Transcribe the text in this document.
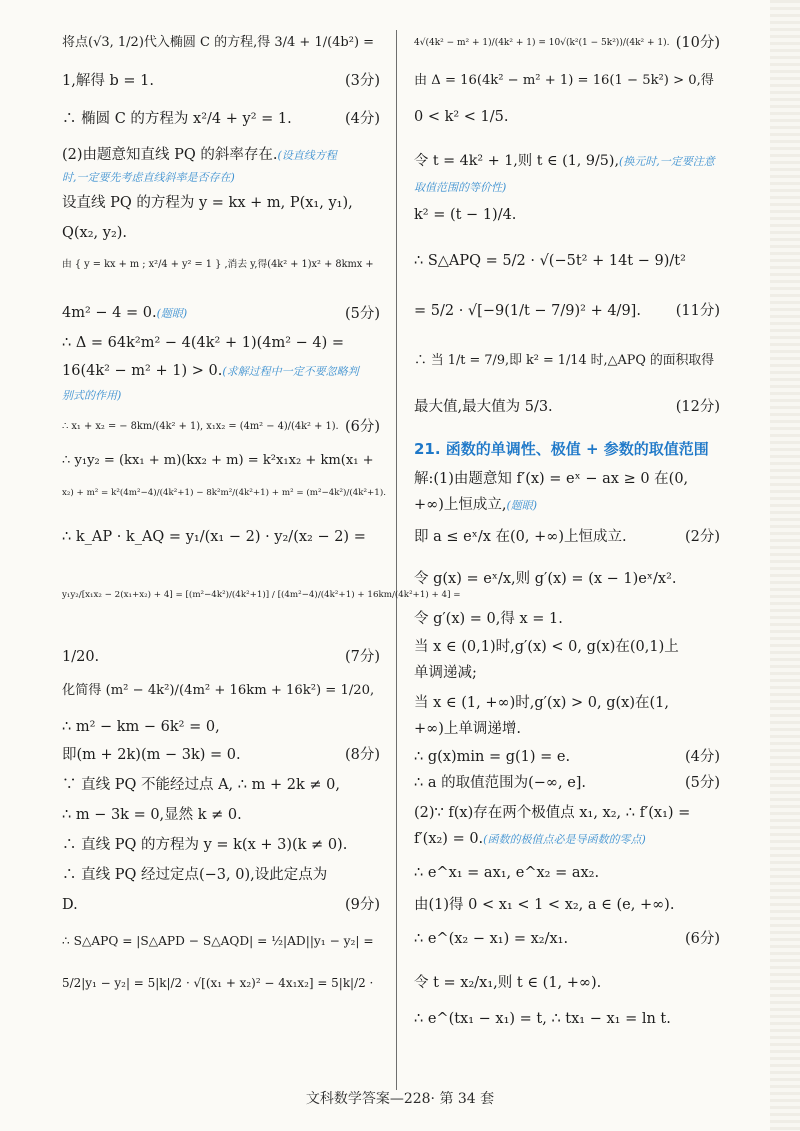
将点(√3, 1/2)代入椭圆 C 的方程,得 3/4 + 1/(4b²) =
1,解得 b = 1.	(3分)
∴ 椭圆 C 的方程为 x²/4 + y² = 1.	(4分)
(2)由题意知直线 PQ 的斜率存在.(设直线方程
时,一定要先考虑直线斜率是否存在)
设直线 PQ 的方程为 y = kx + m, P(x₁, y₁),
Q(x₂, y₂).
由 { y = kx + m ; x²/4 + y² = 1 } ,消去 y,得(4k² + 1)x² + 8kmx +
4m² − 4 = 0.(题眼)	(5分)
∴ Δ = 64k²m² − 4(4k² + 1)(4m² − 4) =
16(4k² − m² + 1) > 0.(求解过程中一定不要忽略判
别式的作用)
∴ x₁ + x₂ = − 8km/(4k² + 1), x₁x₂ = (4m² − 4)/(4k² + 1). (6分)
∴ y₁y₂ = (kx₁ + m)(kx₂ + m) = k²x₁x₂ + km(x₁ +
x₂) + m² = k²(4m²−4)/(4k²+1) − 8k²m²/(4k²+1) + m² = (m²−4k²)/(4k²+1).
∴ k_AP · k_AQ = y₁/(x₁ − 2) · y₂/(x₂ − 2) =
y₁y₂/[x₁x₂ − 2(x₁+x₂) + 4] = [(m²−4k²)/(4k²+1)] / [(4m²−4)/(4k²+1) + 16km/(4k²+1) + 4] =
1/20.	(7分)
化简得 (m² − 4k²)/(4m² + 16km + 16k²) = 1/20,
∴ m² − km − 6k² = 0,
即(m + 2k)(m − 3k) = 0.	(8分)
∵ 直线 PQ 不能经过点 A, ∴ m + 2k ≠ 0,
∴ m − 3k = 0,显然 k ≠ 0.
∴ 直线 PQ 的方程为 y = k(x + 3)(k ≠ 0).
∴ 直线 PQ 经过定点(−3, 0),设此定点为
D.	(9分)
∴ S△APQ = |S△APD − S△AQD| = ½|AD||y₁ − y₂| =
5/2|y₁ − y₂| = 5|k|/2 · √[(x₁ + x₂)² − 4x₁x₂] = 5|k|/2 ·
4√(4k² − m² + 1)/(4k² + 1) = 10√(k²(1 − 5k²))/(4k² + 1). (10分)
由 Δ = 16(4k² − m² + 1) = 16(1 − 5k²) > 0,得
0 < k² < 1/5.
令 t = 4k² + 1,则 t ∈ (1, 9/5),(换元时,一定要注意
取值范围的等价性)
k² = (t − 1)/4.
∴ S△APQ = 5/2 · √(−5t² + 14t − 9)/t²
= 5/2 · √[−9(1/t − 7/9)² + 4/9]. (11分)
∴ 当 1/t = 7/9,即 k² = 1/14 时,△APQ 的面积取得
最大值,最大值为 5/3.	(12分)
21. 函数的单调性、极值 + 参数的取值范围
解:(1)由题意知 f′(x) = eˣ − ax ≥ 0 在(0,
+∞)上恒成立,(题眼)
即 a ≤ eˣ/x 在(0, +∞)上恒成立.	(2分)
令 g(x) = eˣ/x,则 g′(x) = (x − 1)eˣ/x².
令 g′(x) = 0,得 x = 1.
当 x ∈ (0,1)时,g′(x) < 0, g(x)在(0,1)上
单调递减;
当 x ∈ (1, +∞)时,g′(x) > 0, g(x)在(1,
+∞)上单调递增.
∴ g(x)min = g(1) = e.	(4分)
∴ a 的取值范围为(−∞, e].	(5分)
(2)∵ f(x)存在两个极值点 x₁, x₂, ∴ f′(x₁) =
f′(x₂) = 0.(函数的极值点必是导函数的零点)
∴ e^x₁ = ax₁, e^x₂ = ax₂.
由(1)得 0 < x₁ < 1 < x₂, a ∈ (e, +∞).
∴ e^(x₂ − x₁) = x₂/x₁.	(6分)
令 t = x₂/x₁,则 t ∈ (1, +∞).
∴ e^(tx₁ − x₁) = t, ∴ tx₁ − x₁ = ln t.
文科数学答案—228· 第 34 套
